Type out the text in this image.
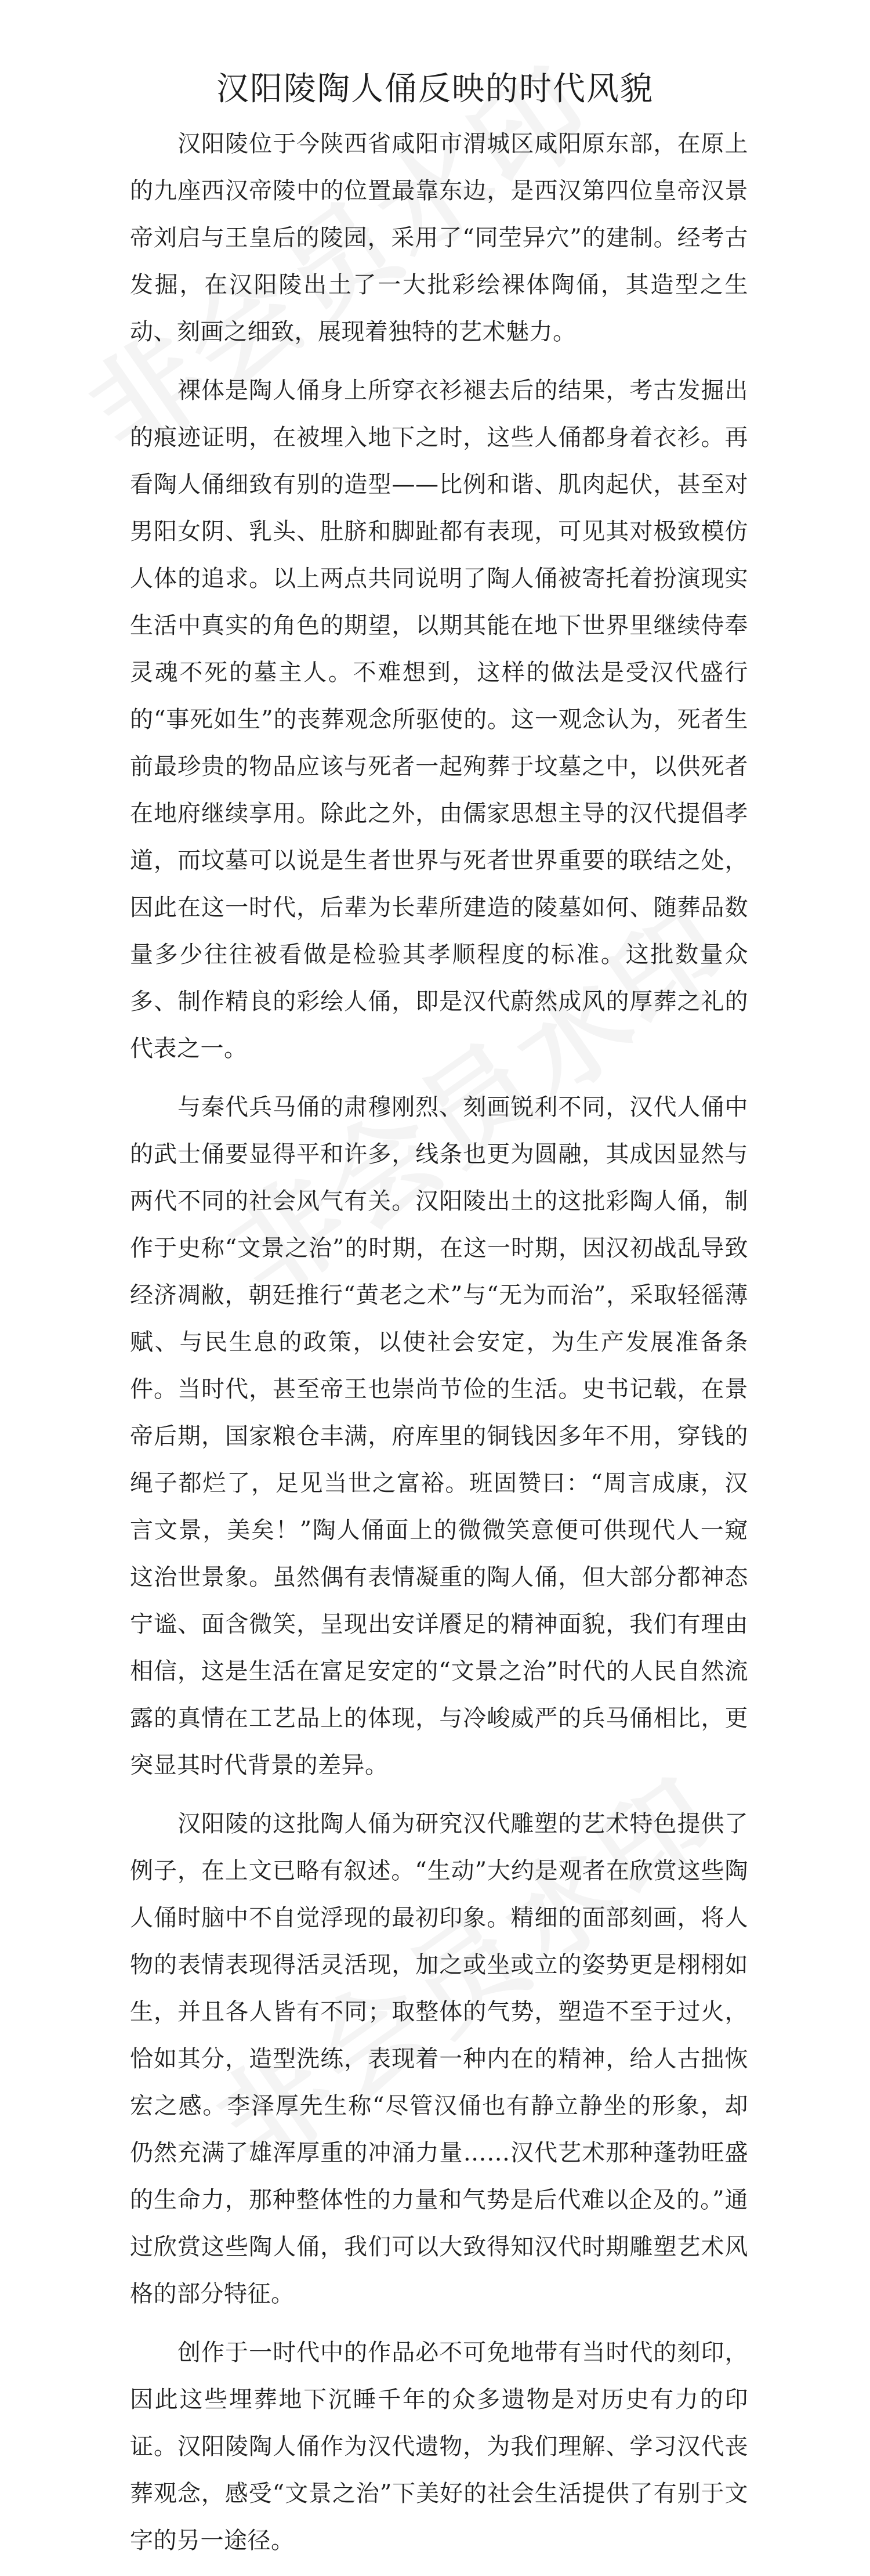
汉阳陵陶人俑反映的时代风貌

汉阳陵位于今陕西省咸阳市渭城区咸阳原东部，在原上的九座西汉帝陵中的位置最靠东边，是西汉第四位皇帝汉景帝刘启与王皇后的陵园，采用了“同茔异穴”的建制。经考古发掘，在汉阳陵出土了一大批彩绘裸体陶俑，其造型之生动、刻画之细致，展现着独特的艺术魅力。

裸体是陶人俑身上所穿衣衫褪去后的结果，考古发掘出的痕迹证明，在被埋入地下之时，这些人俑都身着衣衫。再看陶人俑细致有别的造型——比例和谐、肌肉起伏，甚至对男阳女阴、乳头、肚脐和脚趾都有表现，可见其对极致模仿人体的追求。以上两点共同说明了陶人俑被寄托着扮演现实生活中真实的角色的期望，以期其能在地下世界里继续侍奉灵魂不死的墓主人。不难想到，这样的做法是受汉代盛行的“事死如生”的丧葬观念所驱使的。这一观念认为，死者生前最珍贵的物品应该与死者一起殉葬于坟墓之中，以供死者在地府继续享用。除此之外，由儒家思想主导的汉代提倡孝道，而坟墓可以说是生者世界与死者世界重要的联结之处，因此在这一时代，后辈为长辈所建造的陵墓如何、随葬品数量多少往往被看做是检验其孝顺程度的标准。这批数量众多、制作精良的彩绘人俑，即是汉代蔚然成风的厚葬之礼的代表之一。

与秦代兵马俑的肃穆刚烈、刻画锐利不同，汉代人俑中的武士俑要显得平和许多，线条也更为圆融，其成因显然与两代不同的社会风气有关。汉阳陵出土的这批彩陶人俑，制作于史称“文景之治”的时期，在这一时期，因汉初战乱导致经济凋敝，朝廷推行“黄老之术”与“无为而治”，采取轻徭薄赋、与民生息的政策，以使社会安定，为生产发展准备条件。当时代，甚至帝王也崇尚节俭的生活。史书记载，在景帝后期，国家粮仓丰满，府库里的铜钱因多年不用，穿钱的绳子都烂了，足见当世之富裕。班固赞曰：“周言成康，汉言文景，美矣！”陶人俑面上的微微笑意便可供现代人一窥这治世景象。虽然偶有表情凝重的陶人俑，但大部分都神态宁谧、面含微笑，呈现出安详餍足的精神面貌，我们有理由相信，这是生活在富足安定的“文景之治”时代的人民自然流露的真情在工艺品上的体现，与冷峻威严的兵马俑相比，更突显其时代背景的差异。

汉阳陵的这批陶人俑为研究汉代雕塑的艺术特色提供了例子，在上文已略有叙述。“生动”大约是观者在欣赏这些陶人俑时脑中不自觉浮现的最初印象。精细的面部刻画，将人物的表情表现得活灵活现，加之或坐或立的姿势更是栩栩如生，并且各人皆有不同；取整体的气势，塑造不至于过火，恰如其分，造型洗练，表现着一种内在的精神，给人古拙恢宏之感。李泽厚先生称“尽管汉俑也有静立静坐的形象，却仍然充满了雄浑厚重的冲涌力量……汉代艺术那种蓬勃旺盛的生命力，那种整体性的力量和气势是后代难以企及的。”通过欣赏这些陶人俑，我们可以大致得知汉代时期雕塑艺术风格的部分特征。

创作于一时代中的作品必不可免地带有当时代的刻印，因此这些埋葬地下沉睡千年的众多遗物是对历史有力的印证。汉阳陵陶人俑作为汉代遗物，为我们理解、学习汉代丧葬观念，感受“文景之治”下美好的社会生活提供了有别于文字的另一途径。
